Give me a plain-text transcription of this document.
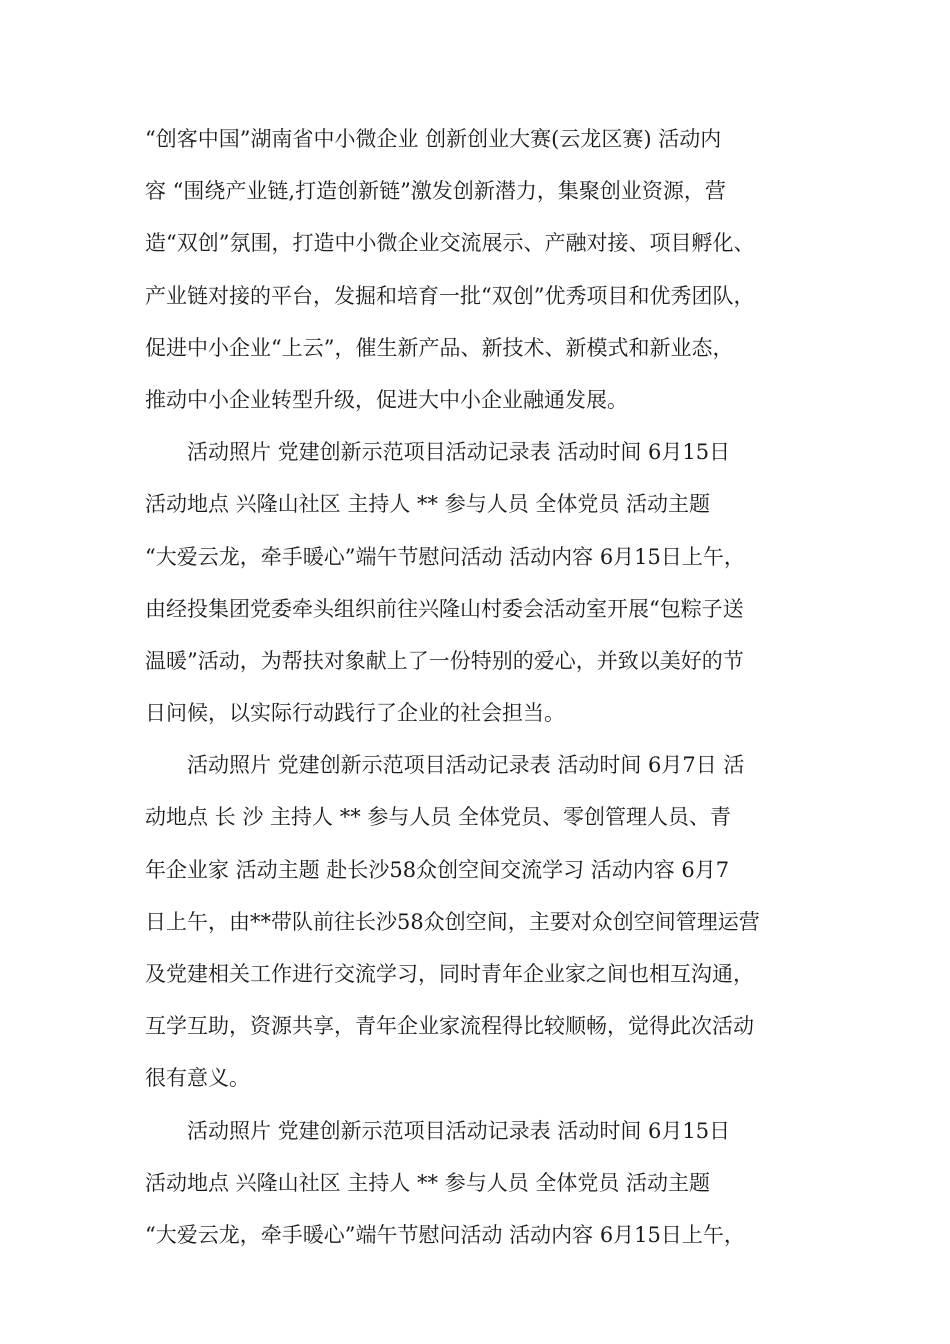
“创客中国”湖南省中小微企业 创新创业大赛(云龙区赛) 活动内
容 “围绕产业链,打造创新链”激发创新潜力，集聚创业资源，营
造“双创”氛围，打造中小微企业交流展示、产融对接、项目孵化、
产业链对接的平台，发掘和培育一批“双创”优秀项目和优秀团队，
促进中小企业“上云”，催生新产品、新技术、新模式和新业态，
推动中小企业转型升级，促进大中小企业融通发展。
活动照片 党建创新示范项目活动记录表 活动时间 6月15日
活动地点 兴隆山社区 主持人 ** 参与人员 全体党员 活动主题
“大爱云龙，牵手暖心”端午节慰问活动 活动内容 6月15日上午，
由经投集团党委牵头组织前往兴隆山村委会活动室开展“包粽子送
温暖”活动，为帮扶对象献上了一份特别的爱心，并致以美好的节
日问候，以实际行动践行了企业的社会担当。
活动照片 党建创新示范项目活动记录表 活动时间 6月7日 活
动地点 长 沙 主持人 ** 参与人员 全体党员、零创管理人员、青
年企业家 活动主题 赴长沙58众创空间交流学习 活动内容 6月7
日上午，由**带队前往长沙58众创空间，主要对众创空间管理运营
及党建相关工作进行交流学习，同时青年企业家之间也相互沟通，
互学互助，资源共享，青年企业家流程得比较顺畅，觉得此次活动
很有意义。
活动照片 党建创新示范项目活动记录表 活动时间 6月15日
活动地点 兴隆山社区 主持人 ** 参与人员 全体党员 活动主题
“大爱云龙，牵手暖心”端午节慰问活动 活动内容 6月15日上午，
